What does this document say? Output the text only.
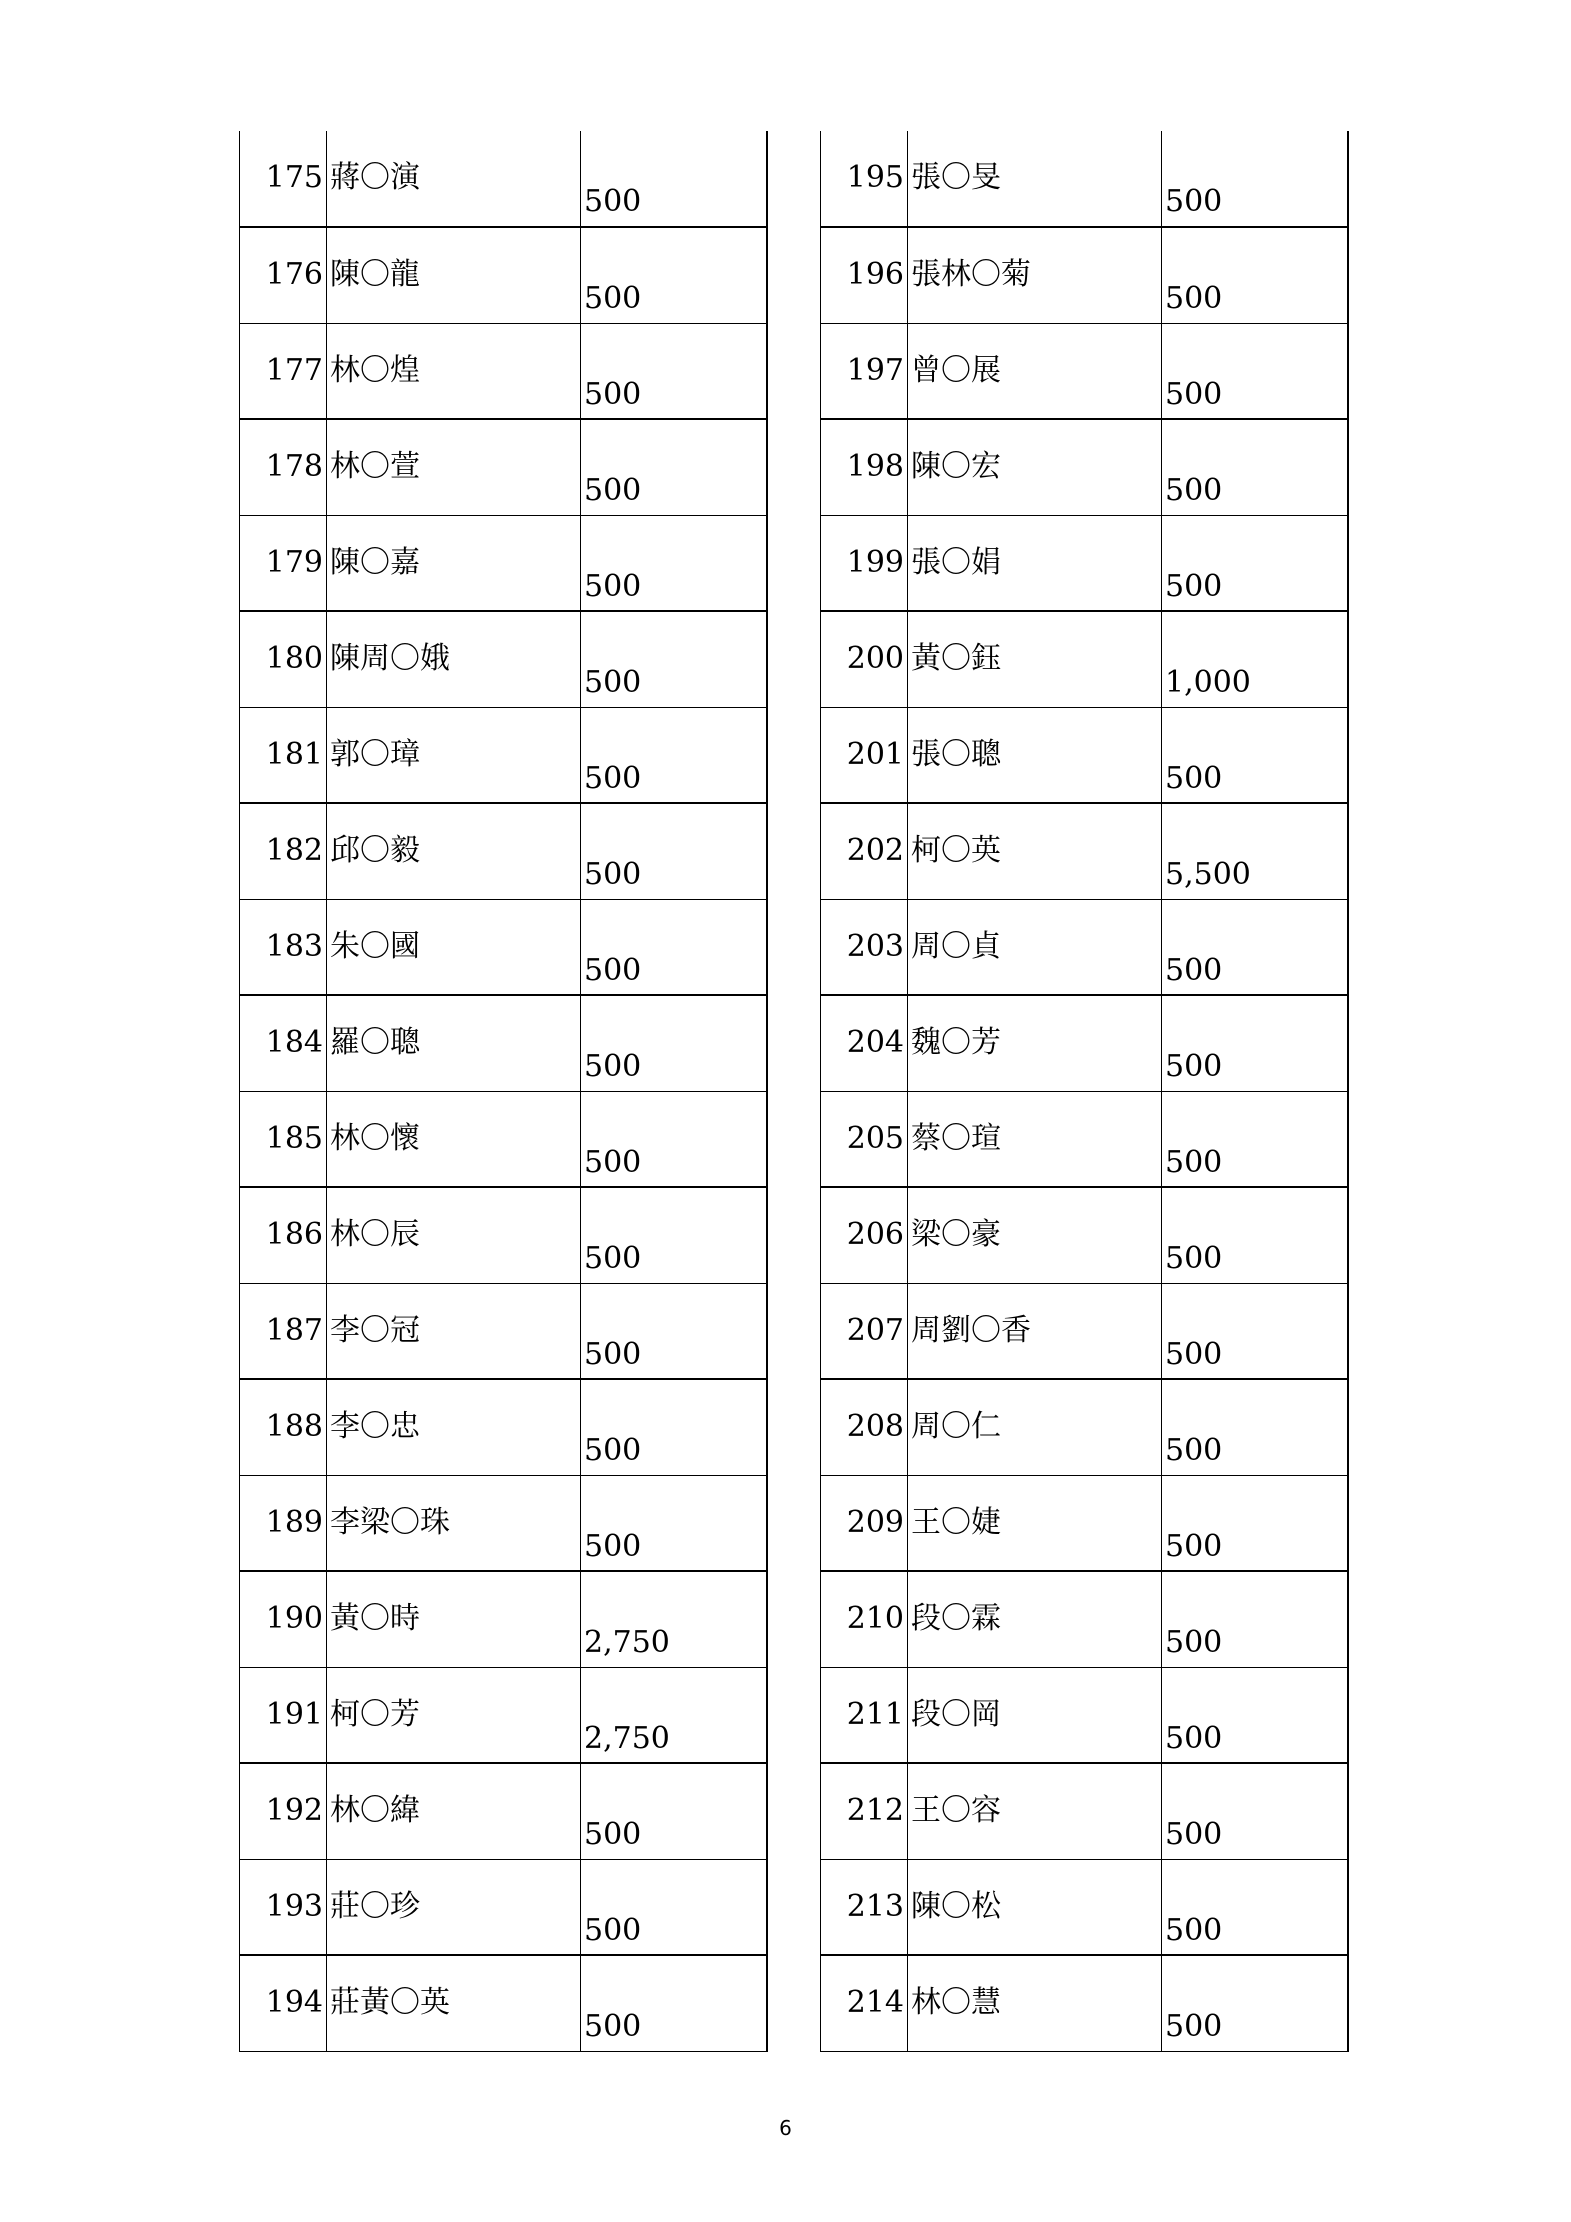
175	蔣〇演	500
176	陳〇龍	500
177	林〇煌	500
178	林〇萱	500
179	陳〇嘉	500
180	陳周〇娥	500
181	郭〇璋	500
182	邱〇毅	500
183	朱〇國	500
184	羅〇聰	500
185	林〇懷	500
186	林〇辰	500
187	李〇冠	500
188	李〇忠	500
189	李梁〇珠	500
190	黃〇時	2,750
191	柯〇芳	2,750
192	林〇緯	500
193	莊〇珍	500
194	莊黃〇英	500
195	張〇旻	500
196	張林〇菊	500
197	曾〇展	500
198	陳〇宏	500
199	張〇娟	500
200	黃〇鈺	1,000
201	張〇聰	500
202	柯〇英	5,500
203	周〇貞	500
204	魏〇芳	500
205	蔡〇瑄	500
206	梁〇豪	500
207	周劉〇香	500
208	周〇仁	500
209	王〇婕	500
210	段〇霖	500
211	段〇岡	500
212	王〇容	500
213	陳〇松	500
214	林〇慧	500
6
